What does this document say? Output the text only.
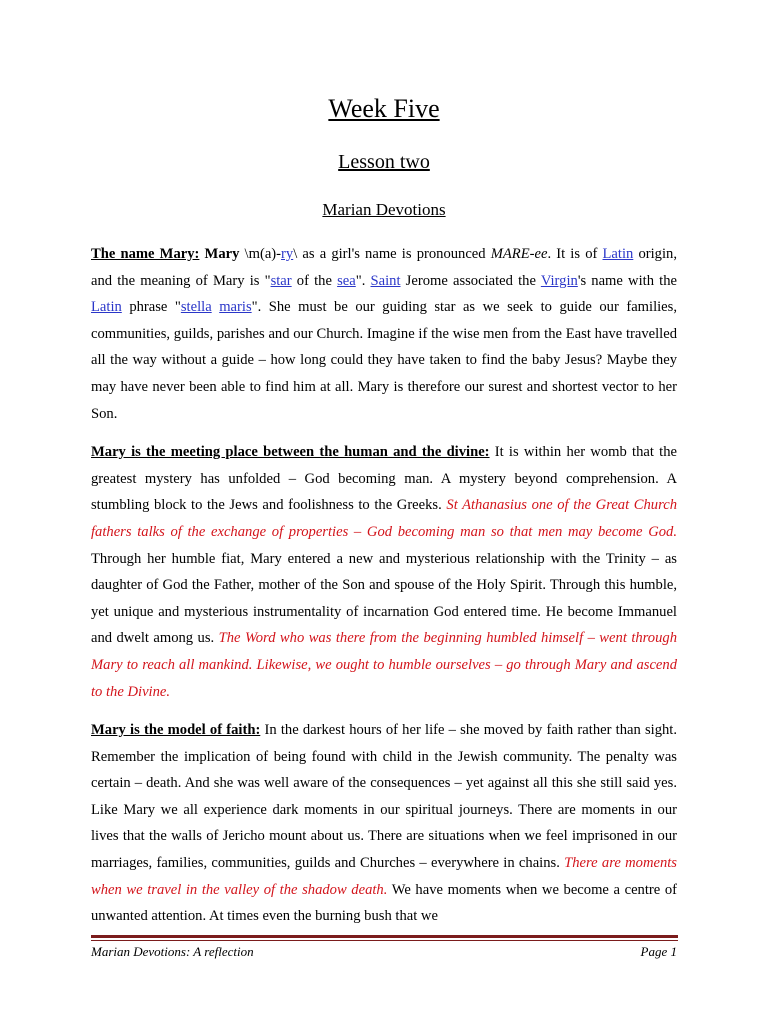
Week Five
Lesson two
Marian Devotions

The name Mary: Mary \m(a)-ry\ as a girl's name is pronounced MARE-ee. It is of Latin origin, and the meaning of Mary is "star of the sea". Saint Jerome associated the Virgin's name with the Latin phrase "stella maris". She must be our guiding star as we seek to guide our families, communities, guilds, parishes and our Church. Imagine if the wise men from the East have travelled all the way without a guide – how long could they have taken to find the baby Jesus? Maybe they may have never been able to find him at all. Mary is therefore our surest and shortest vector to her Son.

Mary is the meeting place between the human and the divine: It is within her womb that the greatest mystery has unfolded – God becoming man. A mystery beyond comprehension. A stumbling block to the Jews and foolishness to the Greeks. St Athanasius one of the Great Church fathers talks of the exchange of properties – God becoming man so that men may become God. Through her humble fiat, Mary entered a new and mysterious relationship with the Trinity – as daughter of God the Father, mother of the Son and spouse of the Holy Spirit. Through this humble, yet unique and mysterious instrumentality of incarnation God entered time. He become Immanuel and dwelt among us. The Word who was there from the beginning humbled himself – went through Mary to reach all mankind. Likewise, we ought to humble ourselves – go through Mary and ascend to the Divine.

Mary is the model of faith: In the darkest hours of her life – she moved by faith rather than sight. Remember the implication of being found with child in the Jewish community. The penalty was certain – death. And she was well aware of the consequences – yet against all this she still said yes. Like Mary we all experience dark moments in our spiritual journeys. There are moments in our lives that the walls of Jericho mount about us. There are situations when we feel imprisoned in our marriages, families, communities, guilds and Churches – everywhere in chains. There are moments when we travel in the valley of the shadow death. We have moments when we become a centre of unwanted attention. At times even the burning bush that we

Marian Devotions: A reflection	Page 1
